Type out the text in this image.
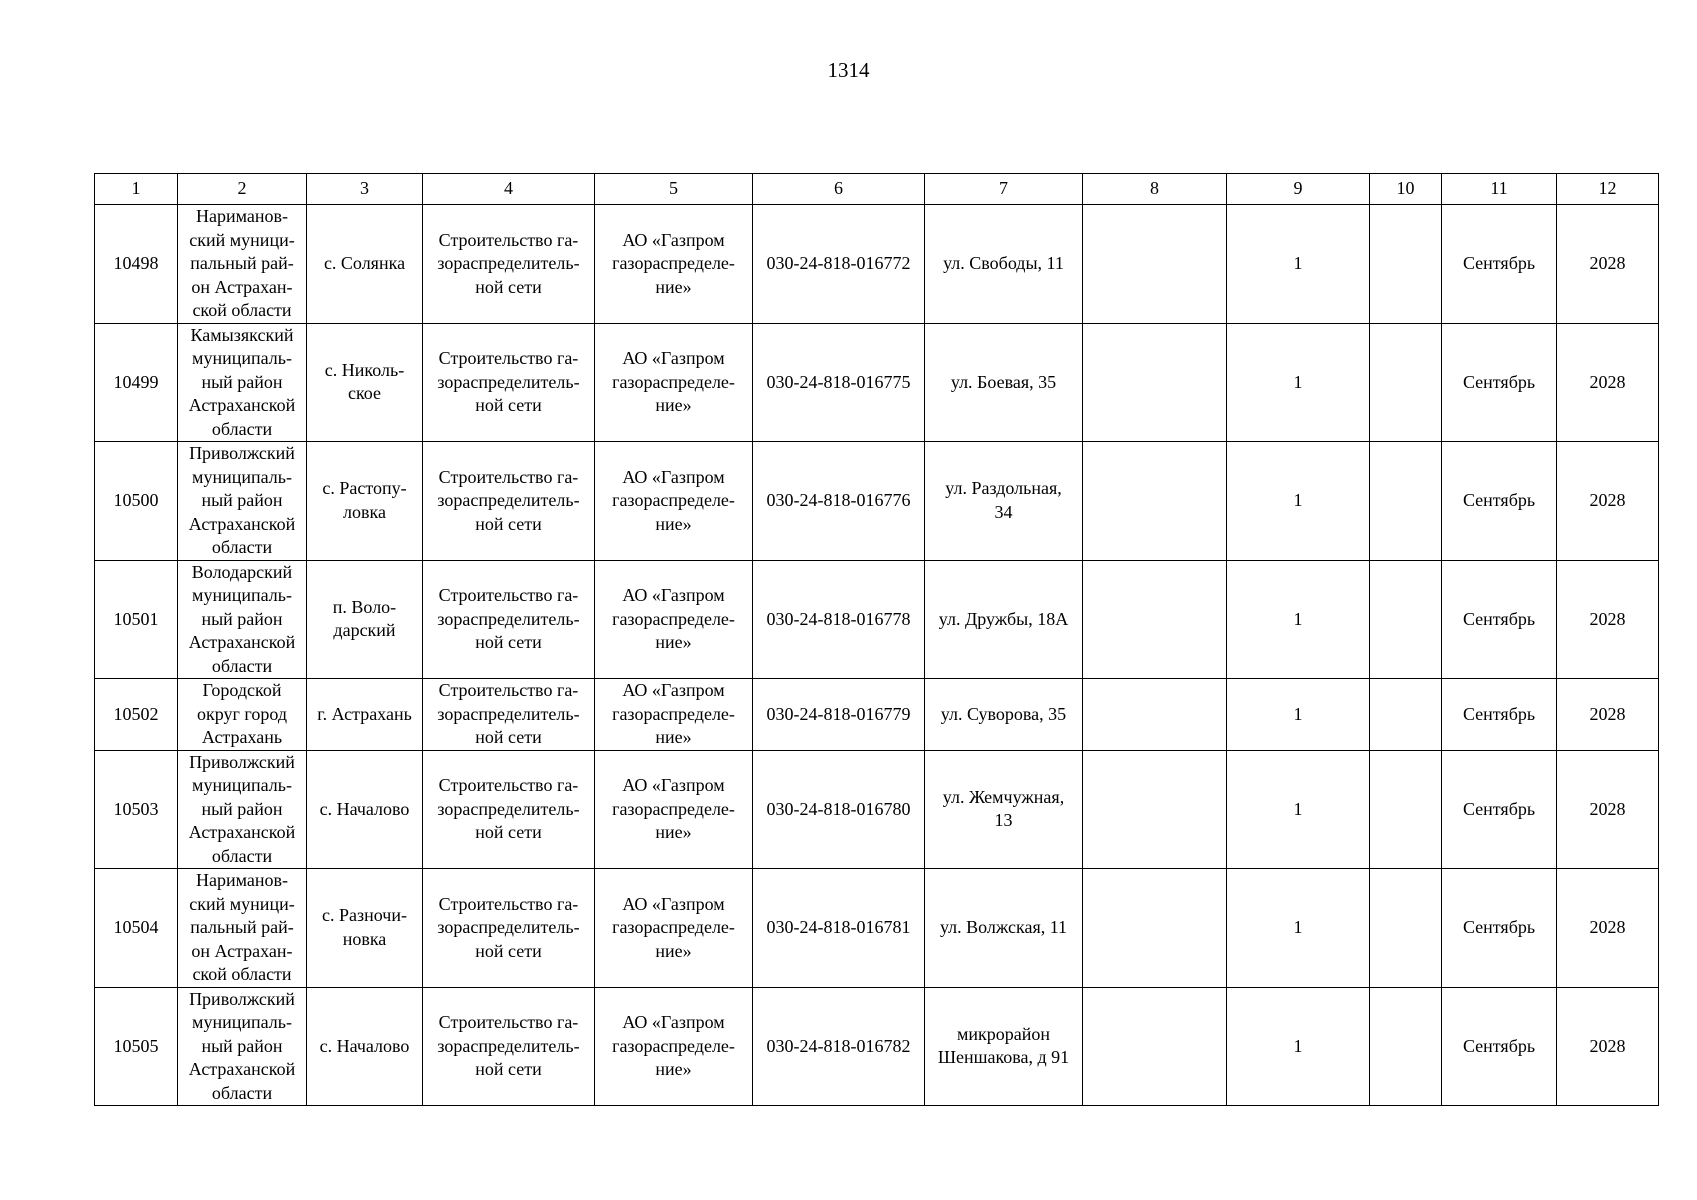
1314
1	2	3	4	5	6	7	8	9	10	11	12
10498	Нариманов-
ский муници-
пальный рай-
он Астрахан-
ской области	с. Солянка	Строительство га-
зораспределитель-
ной сети	АО «Газпром
газораспределе-
ние»	030-24-818-016772	ул. Свободы, 11		1		Сентябрь	2028
10499	Камызякский
муниципаль-
ный район
Астраханской
области	с. Николь-
ское	Строительство га-
зораспределитель-
ной сети	АО «Газпром
газораспределе-
ние»	030-24-818-016775	ул. Боевая, 35		1		Сентябрь	2028
10500	Приволжский
муниципаль-
ный район
Астраханской
области	с. Растопу-
ловка	Строительство га-
зораспределитель-
ной сети	АО «Газпром
газораспределе-
ние»	030-24-818-016776	ул. Раздольная,
34		1		Сентябрь	2028
10501	Володарский
муниципаль-
ный район
Астраханской
области	п. Воло-
дарский	Строительство га-
зораспределитель-
ной сети	АО «Газпром
газораспределе-
ние»	030-24-818-016778	ул. Дружбы, 18А		1		Сентябрь	2028
10502	Городской
округ город
Астрахань	г. Астрахань	Строительство га-
зораспределитель-
ной сети	АО «Газпром
газораспределе-
ние»	030-24-818-016779	ул. Суворова, 35		1		Сентябрь	2028
10503	Приволжский
муниципаль-
ный район
Астраханской
области	с. Началово	Строительство га-
зораспределитель-
ной сети	АО «Газпром
газораспределе-
ние»	030-24-818-016780	ул. Жемчужная,
13		1		Сентябрь	2028
10504	Нариманов-
ский муници-
пальный рай-
он Астрахан-
ской области	с. Разночи-
новка	Строительство га-
зораспределитель-
ной сети	АО «Газпром
газораспределе-
ние»	030-24-818-016781	ул. Волжская, 11		1		Сентябрь	2028
10505	Приволжский
муниципаль-
ный район
Астраханской
области	с. Началово	Строительство га-
зораспределитель-
ной сети	АО «Газпром
газораспределе-
ние»	030-24-818-016782	микрорайон
Шеншакова, д 91		1		Сентябрь	2028
